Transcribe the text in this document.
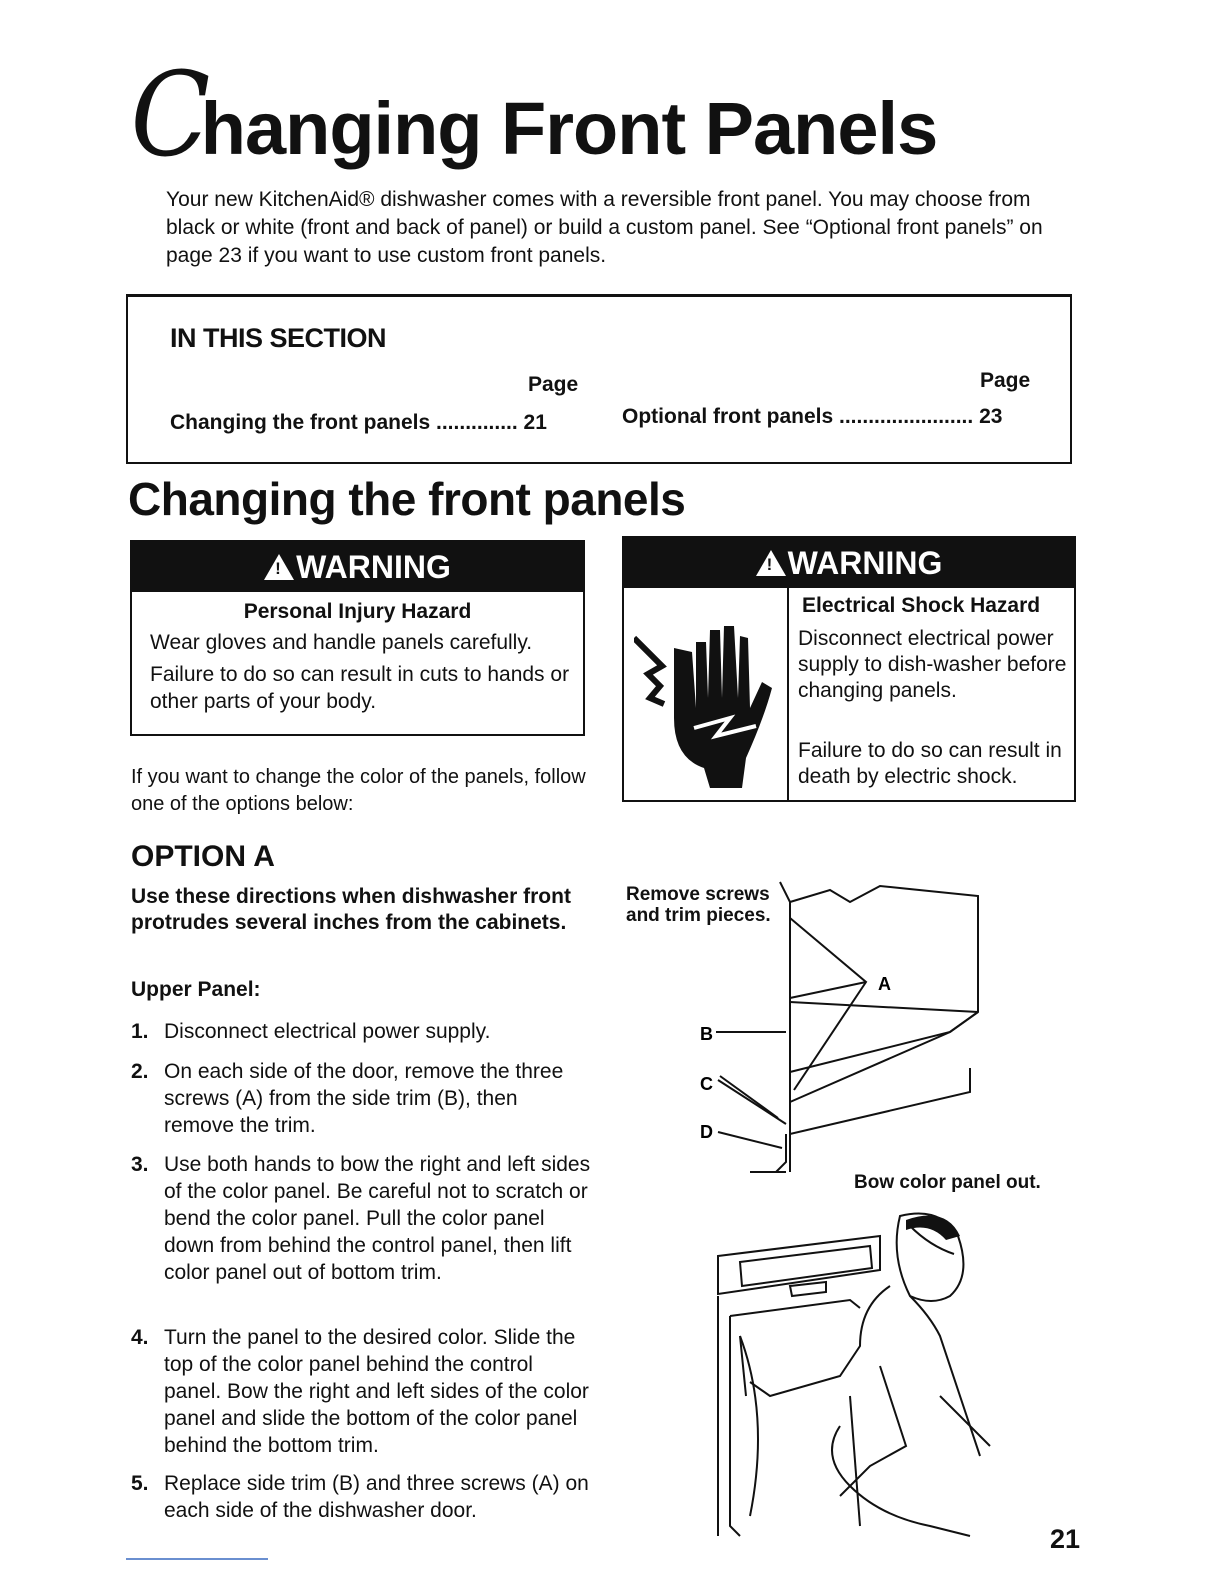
Changing Front Panels
Your new KitchenAid® dishwasher comes with a reversible front panel. You may choose from black or white (front and back of panel) or build a custom panel. See “Optional front panels” on page 23 if you want to use custom front panels.
IN THIS SECTION
Page	Page
Changing the front panels .............. 21	Optional front panels ....................... 23
Changing the front panels
!WARNING
Personal Injury Hazard
Wear gloves and handle panels carefully.
Failure to do so can result in cuts to hands or other parts of your body.
!WARNING
Electrical Shock Hazard
Disconnect electrical power supply to dish-washer before changing panels.
Failure to do so can result in death by electric shock.
If you want to change the color of the panels, follow one of the options below:
OPTION A
Use these directions when dishwasher front protrudes several inches from the cabinets.
Upper Panel:
1. Disconnect electrical power supply.
2. On each side of the door, remove the three screws (A) from the side trim (B), then remove the trim.
3. Use both hands to bow the right and left sides of the color panel. Be careful not to scratch or bend the color panel. Pull the color panel down from behind the control panel, then lift color panel out of bottom trim.
4. Turn the panel to the desired color. Slide the top of the color panel behind the control panel. Bow the right and left sides of the color panel and slide the bottom of the color panel behind the bottom trim.
5. Replace side trim (B) and three screws (A) on each side of the dishwasher door.
Remove screws and trim pieces.
A
B
C
D
Bow color panel out.
21
